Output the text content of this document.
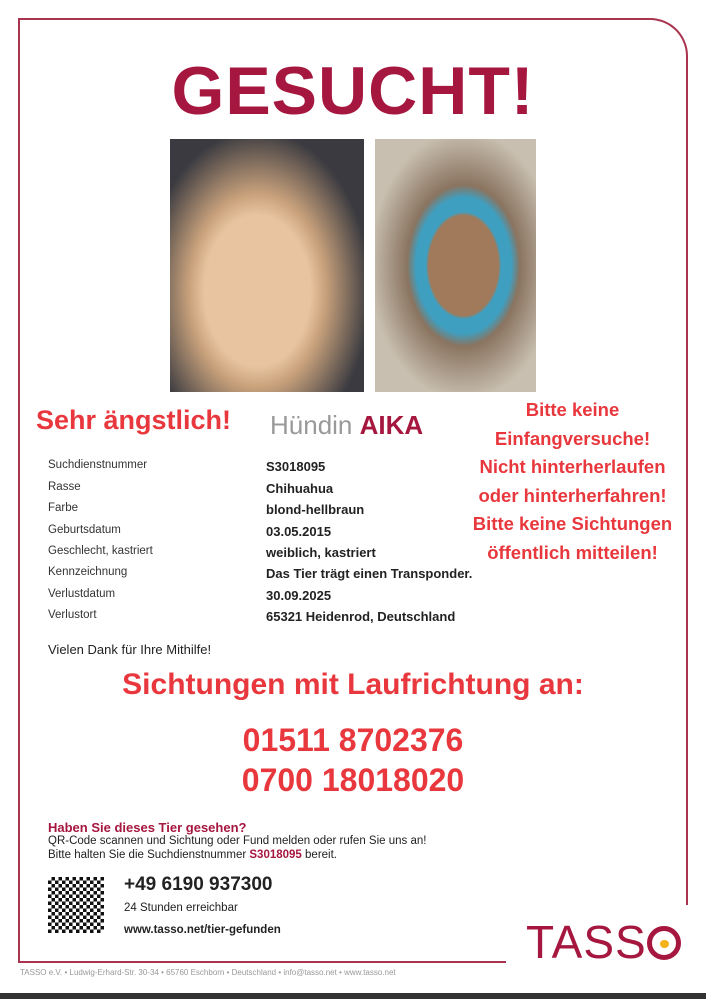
GESUCHT!
Sehr ängstlich! Hündin AIKA
Bitte keine
Einfangversuche!
Nicht hinterherlaufen
oder hinterherfahren!
Bitte keine Sichtungen
öffentlich mitteilen!
Suchdienstnummer	S3018095
Rasse	Chihuahua
Farbe	blond-hellbraun
Geburtsdatum	03.05.2015
Geschlecht, kastriert	weiblich, kastriert
Kennzeichnung	Das Tier trägt einen Transponder.
Verlustdatum	30.09.2025
Verlustort	65321 Heidenrod, Deutschland
Vielen Dank für Ihre Mithilfe!
Sichtungen mit Laufrichtung an:
01511 8702376
0700 18018020
Haben Sie dieses Tier gesehen?
QR-Code scannen und Sichtung oder Fund melden oder rufen Sie uns an!
Bitte halten Sie die Suchdienstnummer S3018095 bereit.
+49 6190 937300
24 Stunden erreichbar
www.tasso.net/tier-gefunden	TASS
TASSO e.V. • Ludwig-Erhard-Str. 30-34 • 65760 Eschborn • Deutschland • info@tasso.net • www.tasso.net
